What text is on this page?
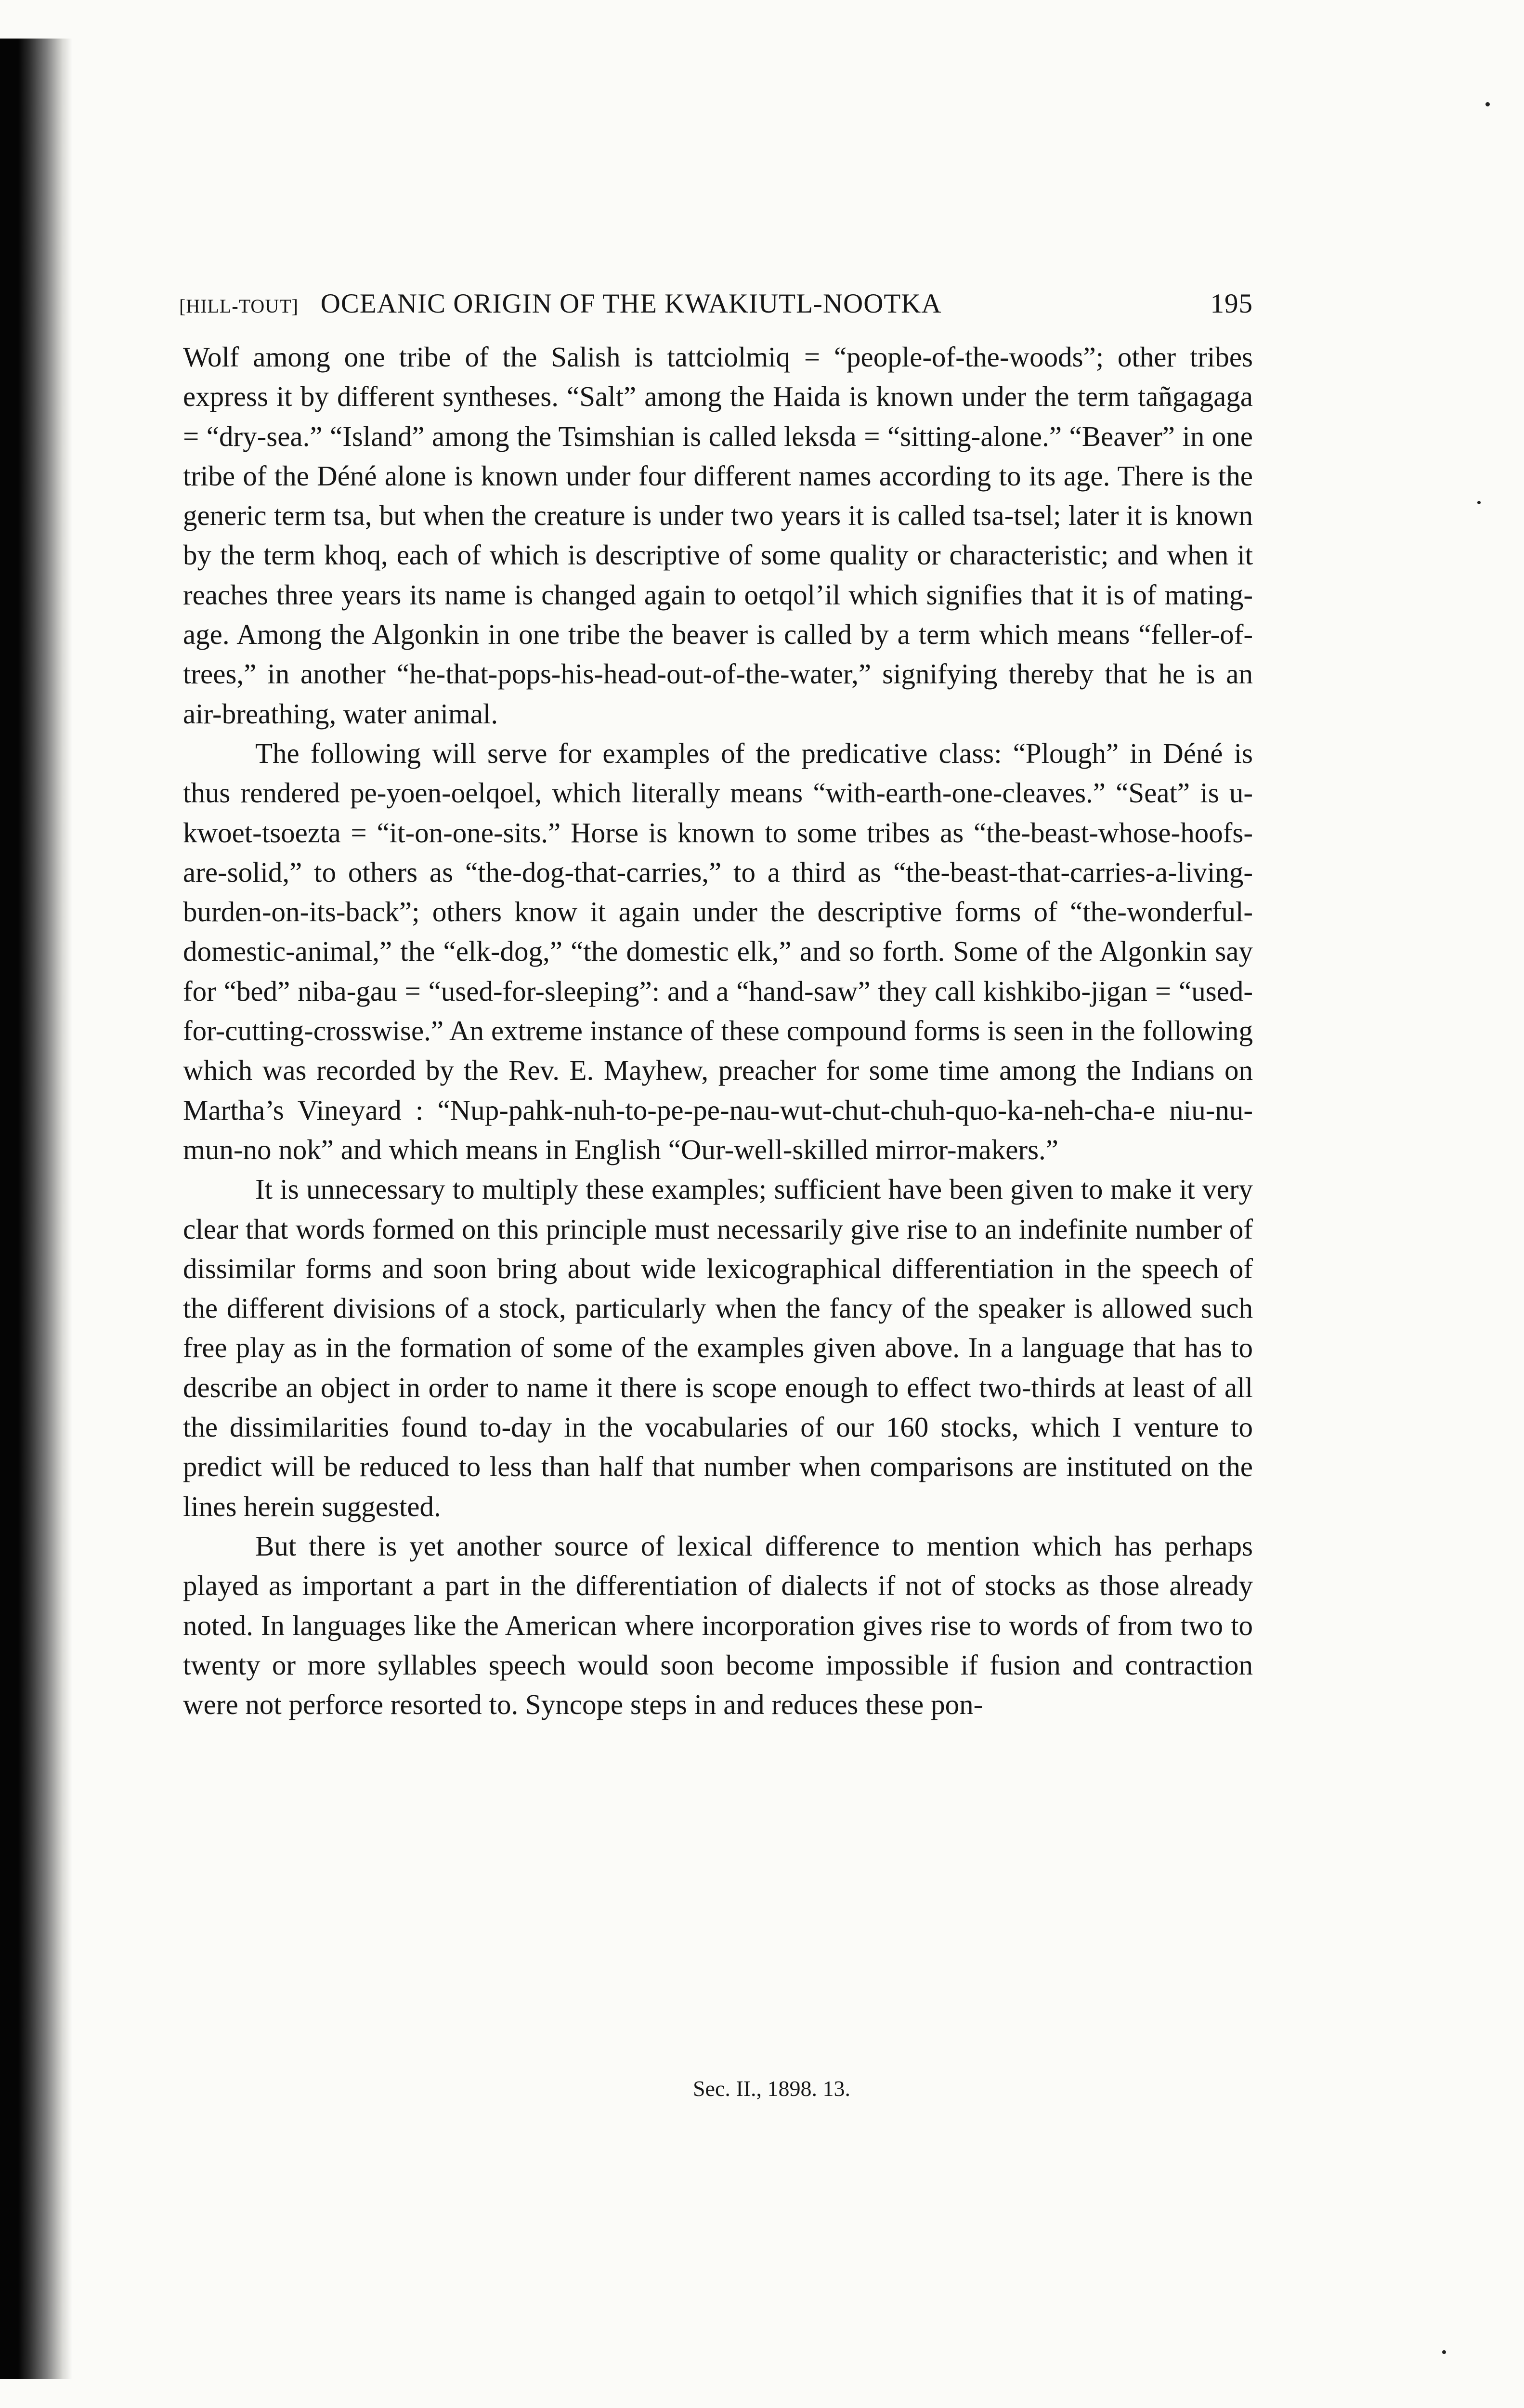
[HILL-TOUT] OCEANIC ORIGIN OF THE KWAKIUTL-NOOTKA	195

Wolf among one tribe of the Salish is tattciolmiq = “people-of-the-woods”; other tribes express it by different syntheses. “Salt” among the Haida is known under the term tañgagaga = “dry-sea.” “Island” among the Tsimshian is called leksda = “sitting-alone.” “Beaver” in one tribe of the Déné alone is known under four different names according to its age. There is the generic term tsa, but when the creature is under two years it is called tsa-tsel; later it is known by the term khoq, each of which is descriptive of some quality or characteristic; and when it reaches three years its name is changed again to oetqol’il which signifies that it is of mating-age. Among the Algonkin in one tribe the beaver is called by a term which means “feller-of-trees,” in another “he-that-pops-his-head-out-of-the-water,” signifying thereby that he is an air-breathing, water animal.

The following will serve for examples of the predicative class: “Plough” in Déné is thus rendered pe-yoen-oelqoel, which literally means “with-earth-one-cleaves.” “Seat” is u-kwoet-tsoezta = “it-on-one-sits.” Horse is known to some tribes as “the-beast-whose-hoofs-are-solid,” to others as “the-dog-that-carries,” to a third as “the-beast-that-carries-a-living-burden-on-its-back”; others know it again under the descriptive forms of “the-wonderful-domestic-animal,” the “elk-dog,” “the domestic elk,” and so forth. Some of the Algonkin say for “bed” niba-gau = “used-for-sleeping”: and a “hand-saw” they call kishkibo-jigan = “used-for-cutting-crosswise.” An extreme instance of these compound forms is seen in the following which was recorded by the Rev. E. Mayhew, preacher for some time among the Indians on Martha’s Vineyard : “Nup-pahk-nuh-to-pe-pe-nau-wut-chut-chuh-quo-ka-neh-cha-e niu-nu-mun-no nok” and which means in English “Our-well-skilled mirror-makers.”

It is unnecessary to multiply these examples; sufficient have been given to make it very clear that words formed on this principle must necessarily give rise to an indefinite number of dissimilar forms and soon bring about wide lexicographical differentiation in the speech of the different divisions of a stock, particularly when the fancy of the speaker is allowed such free play as in the formation of some of the examples given above. In a language that has to describe an object in order to name it there is scope enough to effect two-thirds at least of all the dissimilarities found to-day in the vocabularies of our 160 stocks, which I venture to predict will be reduced to less than half that number when comparisons are instituted on the lines herein suggested.

But there is yet another source of lexical difference to mention which has perhaps played as important a part in the differentiation of dialects if not of stocks as those already noted. In languages like the American where incorporation gives rise to words of from two to twenty or more syllables speech would soon become impossible if fusion and contraction were not perforce resorted to. Syncope steps in and reduces these pon-

Sec. II., 1898. 13.
